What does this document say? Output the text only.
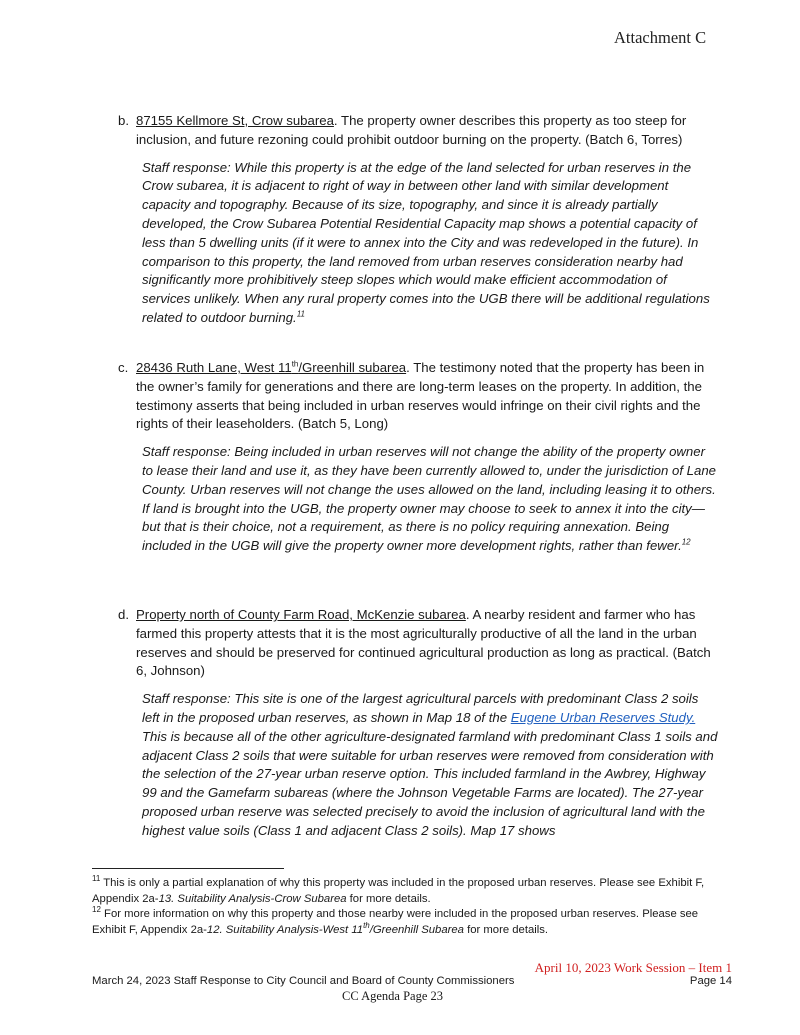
Attachment C
b. 87155 Kellmore St, Crow subarea. The property owner describes this property as too steep for inclusion, and future rezoning could prohibit outdoor burning on the property. (Batch 6, Torres)
Staff response: While this property is at the edge of the land selected for urban reserves in the Crow subarea, it is adjacent to right of way in between other land with similar development capacity and topography. Because of its size, topography, and since it is already partially developed, the Crow Subarea Potential Residential Capacity map shows a potential capacity of less than 5 dwelling units (if it were to annex into the City and was redeveloped in the future). In comparison to this property, the land removed from urban reserves consideration nearby had significantly more prohibitively steep slopes which would make efficient accommodation of services unlikely. When any rural property comes into the UGB there will be additional regulations related to outdoor burning.$^{11}$
c. 28436 Ruth Lane, West 11th/Greenhill subarea. The testimony noted that the property has been in the owner’s family for generations and there are long-term leases on the property. In addition, the testimony asserts that being included in urban reserves would infringe on their civil rights and the rights of their leaseholders. (Batch 5, Long)
Staff response: Being included in urban reserves will not change the ability of the property owner to lease their land and use it, as they have been currently allowed to, under the jurisdiction of Lane County. Urban reserves will not change the uses allowed on the land, including leasing it to others. If land is brought into the UGB, the property owner may choose to seek to annex it into the city—but that is their choice, not a requirement, as there is no policy requiring annexation. Being included in the UGB will give the property owner more development rights, rather than fewer.$^{12}$
d. Property north of County Farm Road, McKenzie subarea. A nearby resident and farmer who has farmed this property attests that it is the most agriculturally productive of all the land in the urban reserves and should be preserved for continued agricultural production as long as practical. (Batch 6, Johnson)
Staff response: This site is one of the largest agricultural parcels with predominant Class 2 soils left in the proposed urban reserves, as shown in Map 18 of the Eugene Urban Reserves Study. This is because all of the other agriculture-designated farmland with predominant Class 1 soils and adjacent Class 2 soils that were suitable for urban reserves were removed from consideration with the selection of the 27-year urban reserve option. This included farmland in the Awbrey, Highway 99 and the Gamefarm subareas (where the Johnson Vegetable Farms are located). The 27-year proposed urban reserve was selected precisely to avoid the inclusion of agricultural land with the highest value soils (Class 1 and adjacent Class 2 soils). Map 17 shows
$^{11}$ This is only a partial explanation of why this property was included in the proposed urban reserves. Please see Exhibit F, Appendix 2a-13. Suitability Analysis-Crow Subarea for more details.
$^{12}$ For more information on why this property and those nearby were included in the proposed urban reserves. Please see Exhibit F, Appendix 2a-12. Suitability Analysis-West 11th/Greenhill Subarea for more details.
March 24, 2023 Staff Response to City Council and Board of County Commissioners
April 10, 2023 Work Session – Item 1
Page 14
CC Agenda Page 23
